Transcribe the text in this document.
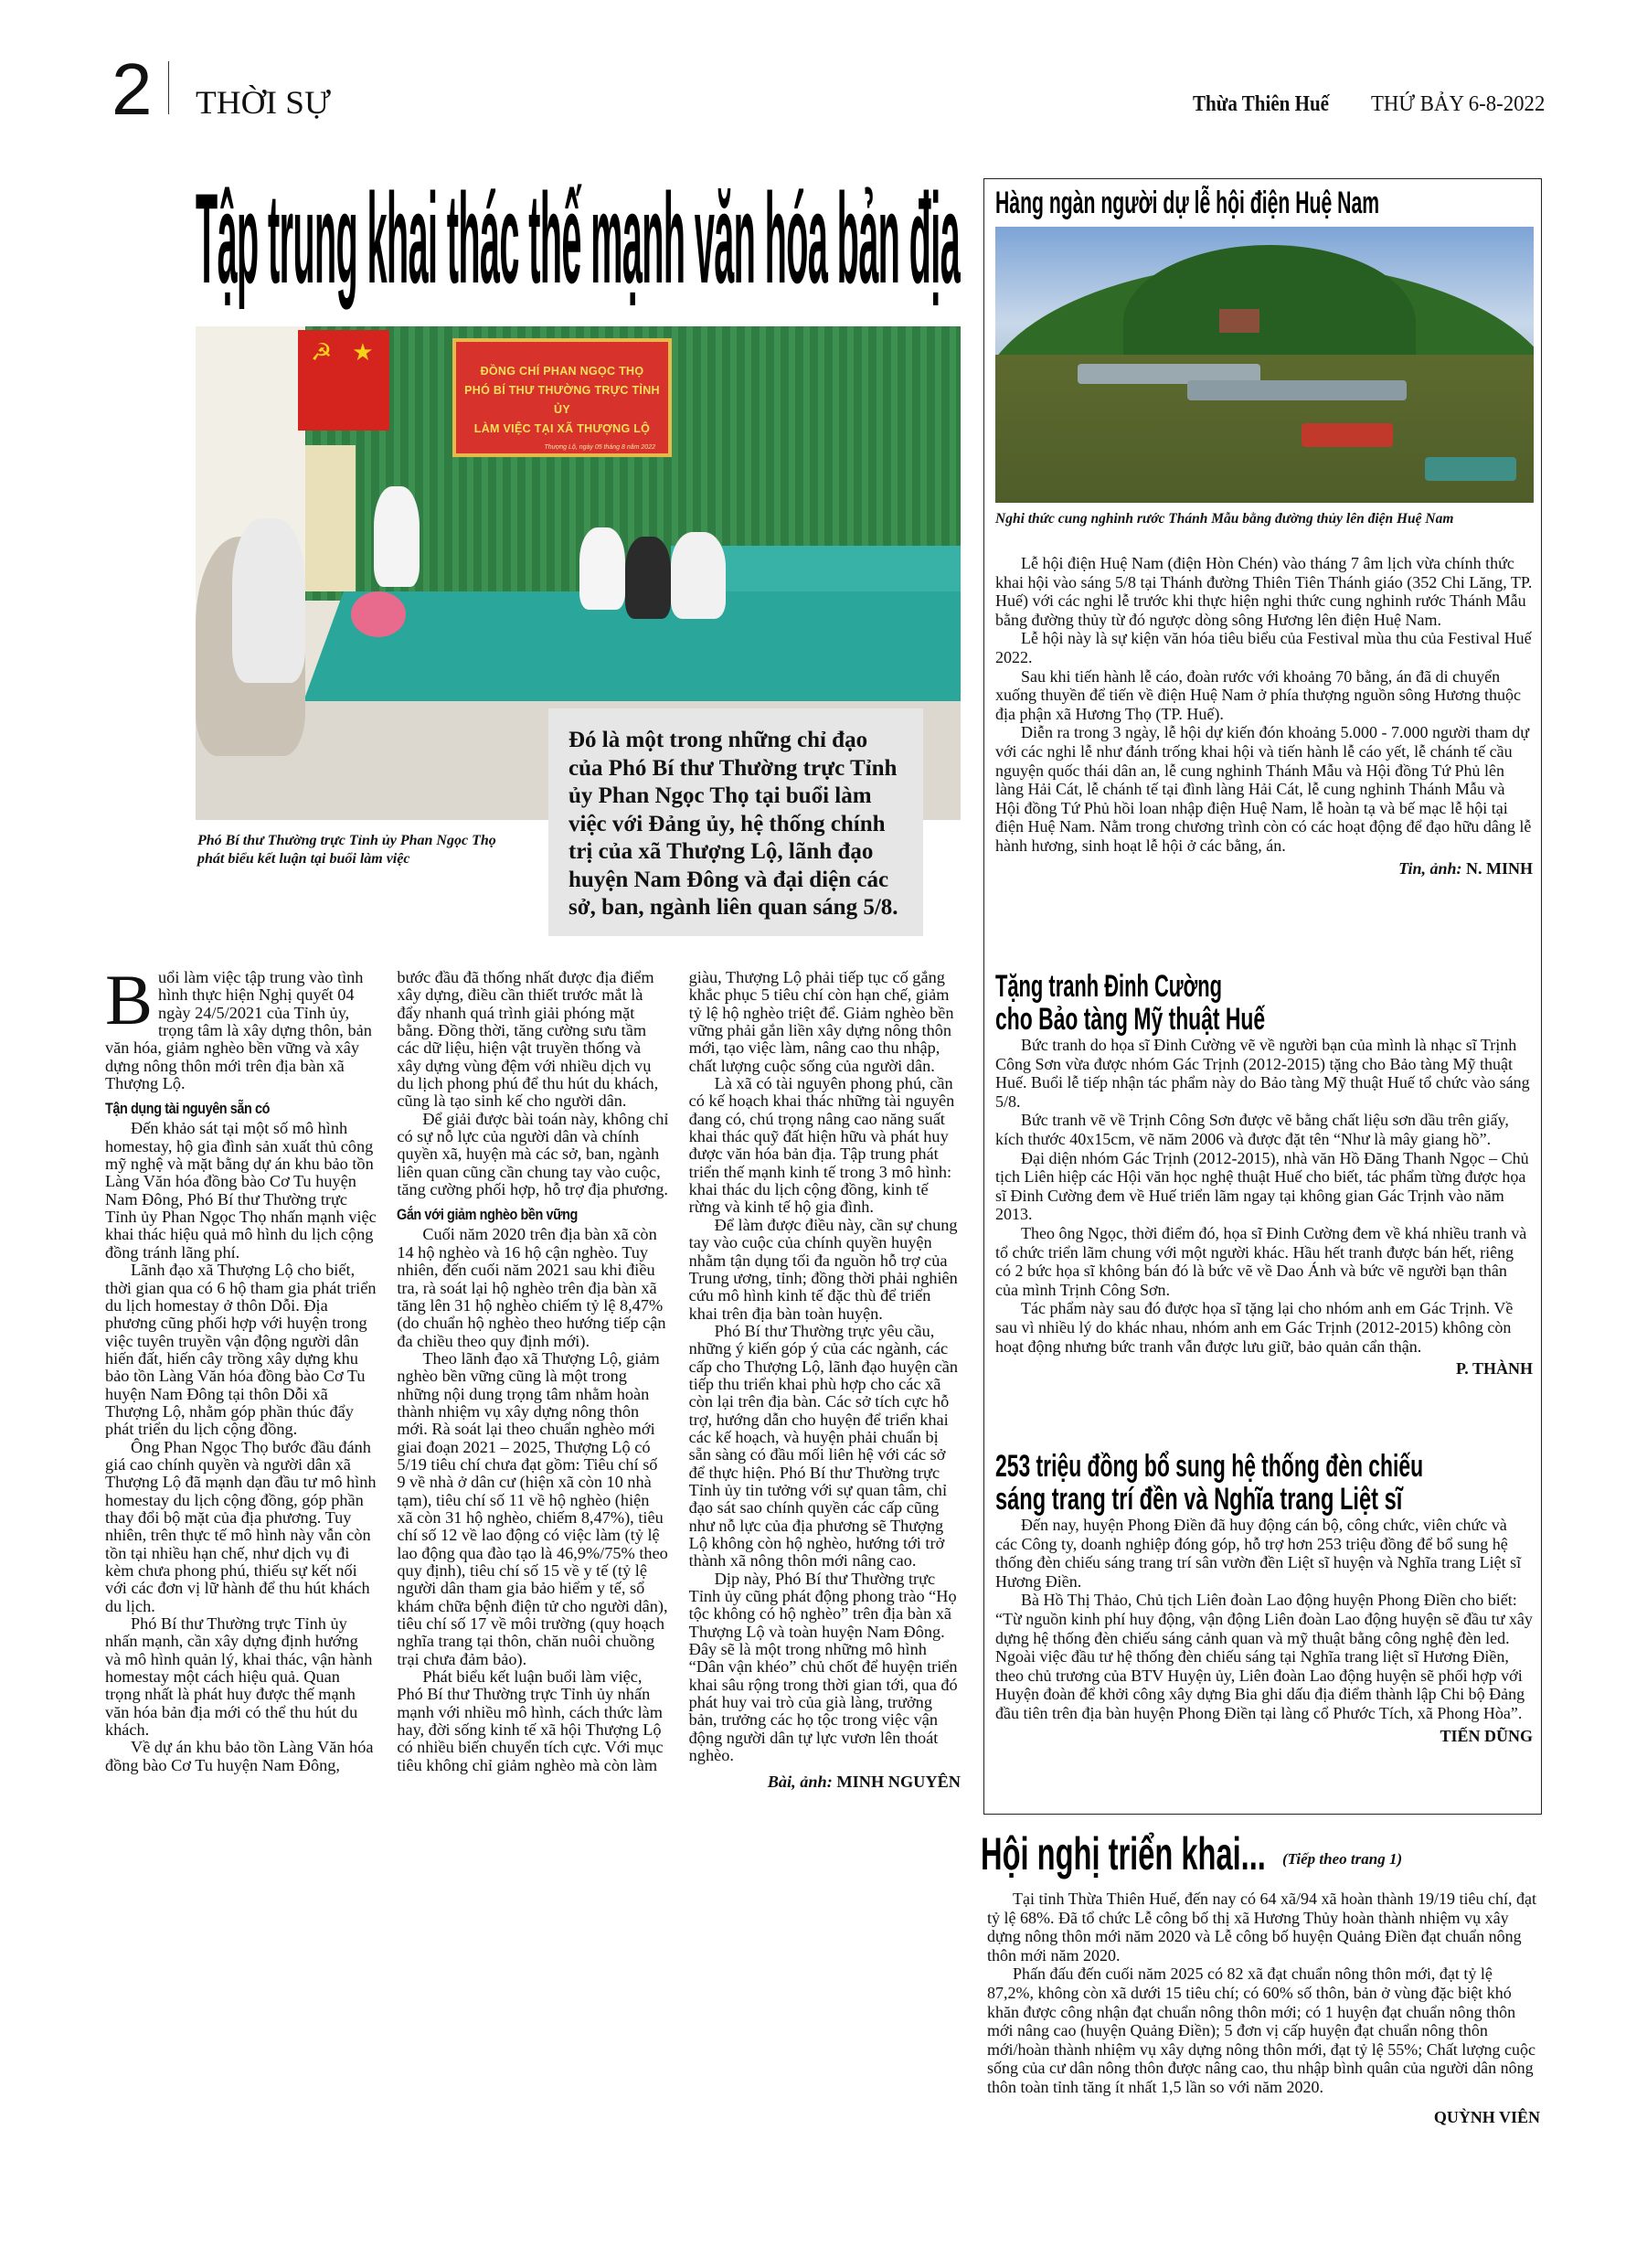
2 THỜI SỰ	Thừa Thiên Huế THỨ BẢY 6-8-2022
Tập trung khai thác thế mạnh văn hóa bản địa
☭★
ĐỒNG CHÍ PHAN NGỌC THỌ
PHÓ BÍ THƯ THƯỜNG TRỰC TỈNH ỦY
LÀM VIỆC TẠI XÃ THƯỢNG LỘ
Thượng Lộ, ngày 05 tháng 8 năm 2022
Đó là một trong những chỉ đạo của Phó Bí thư Thường trực Tỉnh ủy Phan Ngọc Thọ tại buổi làm việc với Đảng ủy, hệ thống chính trị của xã Thượng Lộ, lãnh đạo huyện Nam Đông và đại diện các sở, ban, ngành liên quan sáng 5/8.
Phó Bí thư Thường trực Tỉnh ủy Phan Ngọc Thọ phát biểu kết luận tại buổi làm việc

Buổi làm việc tập trung vào tình hình thực hiện Nghị quyết 04 ngày 24/5/2021 của Tỉnh ủy, trọng tâm là xây dựng thôn, bản văn hóa, giảm nghèo bền vững và xây dựng nông thôn mới trên địa bàn xã Thượng Lộ.

Tận dụng tài nguyên sẵn có

Đến khảo sát tại một số mô hình homestay, hộ gia đình sản xuất thủ công mỹ nghệ và mặt bằng dự án khu bảo tồn Làng Văn hóa đồng bào Cơ Tu huyện Nam Đông, Phó Bí thư Thường trực Tỉnh ủy Phan Ngọc Thọ nhấn mạnh việc khai thác hiệu quả mô hình du lịch cộng đồng tránh lãng phí.

Lãnh đạo xã Thượng Lộ cho biết, thời gian qua có 6 hộ tham gia phát triển du lịch homestay ở thôn Dỗi. Địa phương cũng phối hợp với huyện trong việc tuyên truyền vận động người dân hiến đất, hiến cây trồng xây dựng khu bảo tồn Làng Văn hóa đồng bào Cơ Tu huyện Nam Đông tại thôn Dỗi xã Thượng Lộ, nhằm góp phần thúc đẩy phát triển du lịch cộng đồng.

Ông Phan Ngọc Thọ bước đầu đánh giá cao chính quyền và người dân xã Thượng Lộ đã mạnh dạn đầu tư mô hình homestay du lịch cộng đồng, góp phần thay đổi bộ mặt của địa phương. Tuy nhiên, trên thực tế mô hình này vẫn còn tồn tại nhiều hạn chế, như dịch vụ đi kèm chưa phong phú, thiếu sự kết nối với các đơn vị lữ hành để thu hút khách du lịch.

Phó Bí thư Thường trực Tỉnh ủy nhấn mạnh, cần xây dựng định hướng và mô hình quản lý, khai thác, vận hành homestay một cách hiệu quả. Quan trọng nhất là phát huy được thế mạnh văn hóa bản địa mới có thể thu hút du khách.

Về dự án khu bảo tồn Làng Văn hóa đồng bào Cơ Tu huyện Nam Đông, bước đầu đã thống nhất được địa điểm xây dựng, điều cần thiết trước mắt là đẩy nhanh quá trình giải phóng mặt bằng. Đồng thời, tăng cường sưu tầm các dữ liệu, hiện vật truyền thống và xây dựng vùng đệm với nhiều dịch vụ du lịch phong phú để thu hút du khách, cũng là tạo sinh kế cho người dân.

Để giải được bài toán này, không chỉ có sự nỗ lực của người dân và chính quyền xã, huyện mà các sở, ban, ngành liên quan cũng cần chung tay vào cuộc, tăng cường phối hợp, hỗ trợ địa phương.

Gắn với giảm nghèo bền vững

Cuối năm 2020 trên địa bàn xã còn 14 hộ nghèo và 16 hộ cận nghèo. Tuy nhiên, đến cuối năm 2021 sau khi điều tra, rà soát lại hộ nghèo trên địa bàn xã tăng lên 31 hộ nghèo chiếm tỷ lệ 8,47% (do chuẩn hộ nghèo theo hướng tiếp cận đa chiều theo quy định mới).

Theo lãnh đạo xã Thượng Lộ, giảm nghèo bền vững cũng là một trong những nội dung trọng tâm nhằm hoàn thành nhiệm vụ xây dựng nông thôn mới. Rà soát lại theo chuẩn nghèo mới giai đoạn 2021 – 2025, Thượng Lộ có 5/19 tiêu chí chưa đạt gồm: Tiêu chí số 9 về nhà ở dân cư (hiện xã còn 10 nhà tạm), tiêu chí số 11 về hộ nghèo (hiện xã còn 31 hộ nghèo, chiếm 8,47%), tiêu chí số 12 về lao động có việc làm (tỷ lệ lao động qua đào tạo là 46,9%/75% theo quy định), tiêu chí số 15 về y tế (tỷ lệ người dân tham gia bảo hiểm y tế, sổ khám chữa bệnh điện tử cho người dân), tiêu chí số 17 về môi trường (quy hoạch nghĩa trang tại thôn, chăn nuôi chuồng trại chưa đảm bảo).

Phát biểu kết luận buổi làm việc, Phó Bí thư Thường trực Tỉnh ủy nhấn mạnh với nhiều mô hình, cách thức làm hay, đời sống kinh tế xã hội Thượng Lộ có nhiều biến chuyển tích cực. Với mục tiêu không chỉ giảm nghèo mà còn làm giàu, Thượng Lộ phải tiếp tục cố gắng khắc phục 5 tiêu chí còn hạn chế, giảm tỷ lệ hộ nghèo triệt để. Giảm nghèo bền vững phải gắn liền xây dựng nông thôn mới, tạo việc làm, nâng cao thu nhập, chất lượng cuộc sống của người dân.

Là xã có tài nguyên phong phú, cần có kế hoạch khai thác những tài nguyên đang có, chú trọng nâng cao năng suất khai thác quỹ đất hiện hữu và phát huy được văn hóa bản địa. Tập trung phát triển thế mạnh kinh tế trong 3 mô hình: khai thác du lịch cộng đồng, kinh tế rừng và kinh tế hộ gia đình.

Để làm được điều này, cần sự chung tay vào cuộc của chính quyền huyện nhằm tận dụng tối đa nguồn hỗ trợ của Trung ương, tỉnh; đồng thời phải nghiên cứu mô hình kinh tế đặc thù để triển khai trên địa bàn toàn huyện.

Phó Bí thư Thường trực yêu cầu, những ý kiến góp ý của các ngành, các cấp cho Thượng Lộ, lãnh đạo huyện cần tiếp thu triển khai phù hợp cho các xã còn lại trên địa bàn. Các sở tích cực hỗ trợ, hướng dẫn cho huyện để triển khai các kế hoạch, và huyện phải chuẩn bị sẵn sàng có đầu mối liên hệ với các sở để thực hiện. Phó Bí thư Thường trực Tỉnh ủy tin tưởng với sự quan tâm, chỉ đạo sát sao chính quyền các cấp cũng như nỗ lực của địa phương sẽ Thượng Lộ không còn hộ nghèo, hướng tới trở thành xã nông thôn mới nâng cao.

Dịp này, Phó Bí thư Thường trực Tỉnh ủy cũng phát động phong trào “Họ tộc không có hộ nghèo” trên địa bàn xã Thượng Lộ và toàn huyện Nam Đông. Đây sẽ là một trong những mô hình “Dân vận khéo” chủ chốt để huyện triển khai sâu rộng trong thời gian tới, qua đó phát huy vai trò của già làng, trưởng bản, trưởng các họ tộc trong việc vận động người dân tự lực vươn lên thoát nghèo.

Bài, ảnh: MINH NGUYÊN
Hàng ngàn người dự lễ hội điện Huệ Nam
Nghi thức cung nghinh rước Thánh Mẫu bằng đường thủy lên điện Huệ Nam

Lễ hội điện Huệ Nam (điện Hòn Chén) vào tháng 7 âm lịch vừa chính thức khai hội vào sáng 5/8 tại Thánh đường Thiên Tiên Thánh giáo (352 Chi Lăng, TP. Huế) với các nghi lễ trước khi thực hiện nghi thức cung nghinh rước Thánh Mẫu bằng đường thủy từ đó ngược dòng sông Hương lên điện Huệ Nam.

Lễ hội này là sự kiện văn hóa tiêu biểu của Festival mùa thu của Festival Huế 2022.

Sau khi tiến hành lễ cáo, đoàn rước với khoảng 70 bằng, án đã di chuyển xuống thuyền để tiến về điện Huệ Nam ở phía thượng nguồn sông Hương thuộc địa phận xã Hương Thọ (TP. Huế).

Diễn ra trong 3 ngày, lễ hội dự kiến đón khoảng 5.000 - 7.000 người tham dự với các nghi lễ như đánh trống khai hội và tiến hành lễ cáo yết, lễ chánh tế cầu nguyện quốc thái dân an, lễ cung nghinh Thánh Mẫu và Hội đồng Tứ Phủ lên làng Hải Cát, lễ chánh tế tại đình làng Hải Cát, lễ cung nghinh Thánh Mẫu và Hội đồng Tứ Phủ hồi loan nhập điện Huệ Nam, lễ hoàn tạ và bế mạc lễ hội tại điện Huệ Nam. Nằm trong chương trình còn có các hoạt động để đạo hữu dâng lễ hành hương, sinh hoạt lễ hội ở các bằng, án.

Tin, ảnh: N. MINH
Tặng tranh Đinh Cường
cho Bảo tàng Mỹ thuật Huế

Bức tranh do họa sĩ Đinh Cường vẽ về người bạn của mình là nhạc sĩ Trịnh Công Sơn vừa được nhóm Gác Trịnh (2012-2015) tặng cho Bảo tàng Mỹ thuật Huế. Buổi lễ tiếp nhận tác phẩm này do Bảo tàng Mỹ thuật Huế tổ chức vào sáng 5/8.

Bức tranh vẽ về Trịnh Công Sơn được vẽ bằng chất liệu sơn dầu trên giấy, kích thước 40x15cm, vẽ năm 2006 và được đặt tên “Như là mây giang hồ”.

Đại diện nhóm Gác Trịnh (2012-2015), nhà văn Hồ Đăng Thanh Ngọc – Chủ tịch Liên hiệp các Hội văn học nghệ thuật Huế cho biết, tác phẩm từng được họa sĩ Đinh Cường đem về Huế triển lãm ngay tại không gian Gác Trịnh vào năm 2013.

Theo ông Ngọc, thời điểm đó, họa sĩ Đinh Cường đem về khá nhiều tranh và tổ chức triển lãm chung với một người khác. Hầu hết tranh được bán hết, riêng có 2 bức họa sĩ không bán đó là bức vẽ về Dao Ánh và bức vẽ người bạn thân của mình Trịnh Công Sơn.

Tác phẩm này sau đó được họa sĩ tặng lại cho nhóm anh em Gác Trịnh. Về sau vì nhiều lý do khác nhau, nhóm anh em Gác Trịnh (2012-2015) không còn hoạt động nhưng bức tranh vẫn được lưu giữ, bảo quản cẩn thận.

P. THÀNH
253 triệu đồng bổ sung hệ thống đèn chiếu
sáng trang trí đền và Nghĩa trang Liệt sĩ

Đến nay, huyện Phong Điền đã huy động cán bộ, công chức, viên chức và các Công ty, doanh nghiệp đóng góp, hỗ trợ hơn 253 triệu đồng để bổ sung hệ thống đèn chiếu sáng trang trí sân vườn đền Liệt sĩ huyện và Nghĩa trang Liệt sĩ Hương Điền.

Bà Hồ Thị Thảo, Chủ tịch Liên đoàn Lao động huyện Phong Điền cho biết: “Từ nguồn kinh phí huy động, vận động Liên đoàn Lao động huyện sẽ đầu tư xây dựng hệ thống đèn chiếu sáng cảnh quan và mỹ thuật bằng công nghệ đèn led. Ngoài việc đầu tư hệ thống đèn chiếu sáng tại Nghĩa trang liệt sĩ Hương Điền, theo chủ trương của BTV Huyện ủy, Liên đoàn Lao động huyện sẽ phối hợp với Huyện đoàn để khởi công xây dựng Bia ghi dấu địa điểm thành lập Chi bộ Đảng đầu tiên trên địa bàn huyện Phong Điền tại làng cổ Phước Tích, xã Phong Hòa”.

TIẾN DŨNG
Hội nghị triển khai...	(Tiếp theo trang 1)

Tại tỉnh Thừa Thiên Huế, đến nay có 64 xã/94 xã hoàn thành 19/19 tiêu chí, đạt tỷ lệ 68%. Đã tổ chức Lễ công bố thị xã Hương Thủy hoàn thành nhiệm vụ xây dựng nông thôn mới năm 2020 và Lễ công bố huyện Quảng Điền đạt chuẩn nông thôn mới năm 2020.

Phấn đấu đến cuối năm 2025 có 82 xã đạt chuẩn nông thôn mới, đạt tỷ lệ 87,2%, không còn xã dưới 15 tiêu chí; có 60% số thôn, bản ở vùng đặc biệt khó khăn được công nhận đạt chuẩn nông thôn mới; có 1 huyện đạt chuẩn nông thôn mới nâng cao (huyện Quảng Điền); 5 đơn vị cấp huyện đạt chuẩn nông thôn mới/hoàn thành nhiệm vụ xây dựng nông thôn mới, đạt tỷ lệ 55%; Chất lượng cuộc sống của cư dân nông thôn được nâng cao, thu nhập bình quân của người dân nông thôn toàn tỉnh tăng ít nhất 1,5 lần so với năm 2020.

QUỲNH VIÊN
